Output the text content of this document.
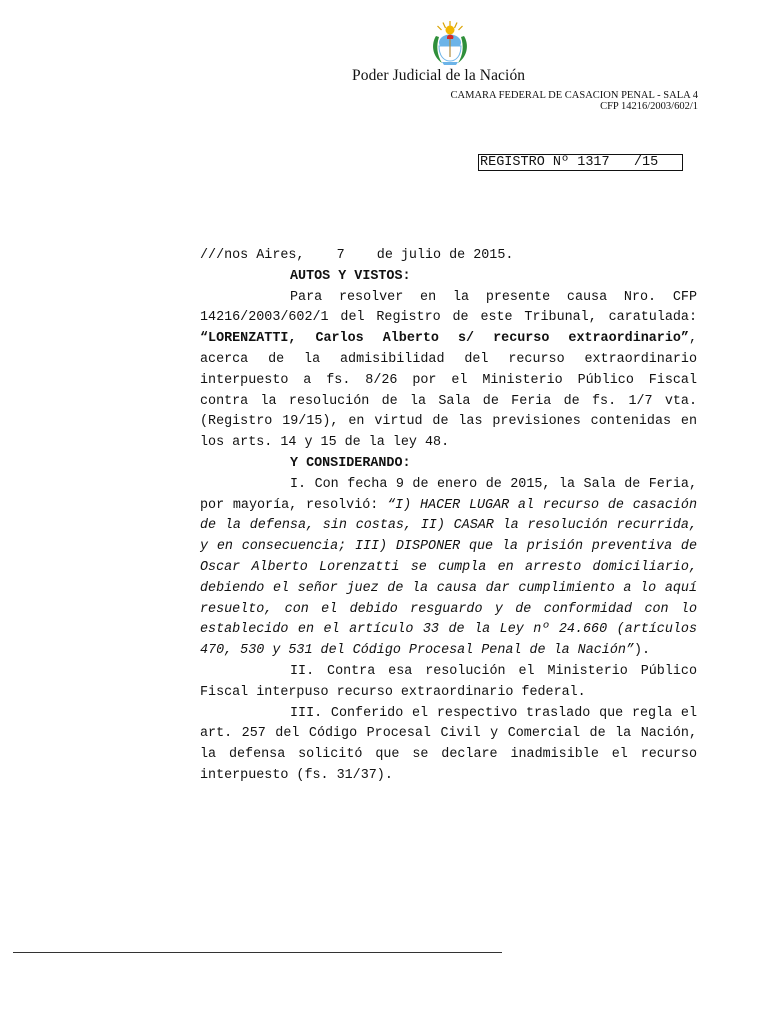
Poder Judicial de la Nación
CAMARA FEDERAL DE CASACION PENAL - SALA 4
CFP 14216/2003/602/1
REGISTRO Nº 1317   /15

///nos Aires,    7    de julio de 2015.

AUTOS Y VISTOS:

Para resolver en la presente causa Nro. CFP 14216/2003/602/1 del Registro de este Tribunal, caratulada: “LORENZATTI, Carlos Alberto s/ recurso extraordinario”, acerca de la admisibilidad del recurso extraordinario interpuesto a fs. 8/26 por el Ministerio Público Fiscal contra la resolución de la Sala de Feria de fs. 1/7 vta. (Registro 19/15), en virtud de las previsiones contenidas en los arts. 14 y 15 de la ley 48.

Y CONSIDERANDO:

I. Con fecha 9 de enero de 2015, la Sala de Feria, por mayoría, resolvió: “I) HACER LUGAR al recurso de casación de la defensa, sin costas, II) CASAR la resolución recurrida, y en consecuencia; III) DISPONER que la prisión preventiva de Oscar Alberto Lorenzatti se cumpla en arresto domiciliario, debiendo el señor juez de la causa dar cumplimiento a lo aquí resuelto, con el debido resguardo y de conformidad con lo establecido en el artículo 33 de la Ley nº 24.660 (artículos 470, 530 y 531 del Código Procesal Penal de la Nación”).

II. Contra esa resolución el Ministerio Público Fiscal interpuso recurso extraordinario federal.

III. Conferido el respectivo traslado que regla el art. 257 del Código Procesal Civil y Comercial de la Nación, la defensa solicitó que se declare inadmisible el recurso interpuesto (fs. 31/37).
